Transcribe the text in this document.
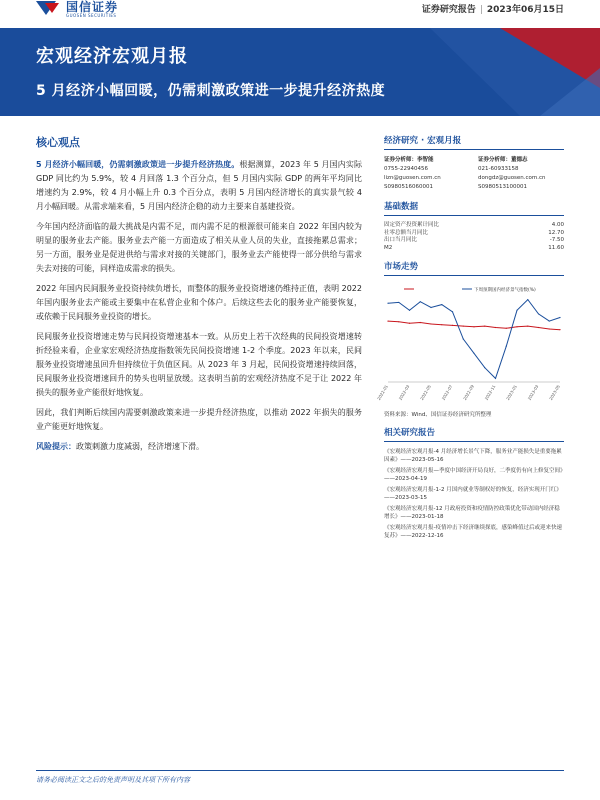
国信证券
GUOSEN SECURITIES	证券研究报告 | 2023年06月15日
宏观经济宏观月报
5 月经济小幅回暖，仍需刺激政策进一步提升经济热度
核心观点

5 月经济小幅回暖，仍需刺激政策进一步提升经济热度。根据测算，2023 年 5 月国内实际 GDP 同比约为 5.9%，较 4 月回落 1.3 个百分点，但 5 月国内实际 GDP 的两年平均同比增速约为 2.9%，较 4 月小幅上升 0.3 个百分点，表明 5 月国内经济增长的真实景气较 4 月小幅回暖。从需求端来看，5 月国内经济企稳的动力主要来自基建投资。

今年国内经济面临的最大挑战是内需不足，而内需不足的根源很可能来自 2022 年国内较为明显的服务业去产能。服务业去产能一方面造成了相关从业人员的失业，直接拖累总需求；另一方面，服务业是促进供给与需求对接的关键部门，服务业去产能使得一部分供给与需求失去对接的可能，同样造成需求的损失。

2022 年国内民间服务业投资持续负增长，而整体的服务业投资增速仍维持正值，表明 2022 年国内服务业去产能或主要集中在私营企业和个体户。后续这些去化的服务业产能要恢复，或依赖于民间服务业投资的增长。

民间服务业投资增速走势与民间投资增速基本一致。从历史上若干次经典的民间投资增速转折经验来看，企业家宏观经济热度指数领先民间投资增速 1-2 个季度。2023 年以来，民间服务业投资增速虽回升但持续位于负值区间。从 2023 年 3 月起，民间投资增速持续回落，民间服务业投资增速回升的势头也明显放缓。这表明当前的宏观经济热度不足于让 2022 年损失的服务业产能很好地恢复。

因此，我们判断后续国内需要刺激政策来进一步提升经济热度，以推动 2022 年损失的服务业产能更好地恢复。

风险提示：政策刺激力度减弱，经济增速下滑。

经济研究 · 宏观月报
证券分析师：李智能
0755-22940456
lizn@guosen.com.cn
S0980516060001
证券分析师：董德志
021-60933158
dongdz@guosen.com.cn
S0980513100001
基础数据
固定资产投资累计同比	4.00
社零总额当月同比	12.70
出口当月同比	-7.50
M2	11.60
市场走势
2022-01 2022-03 2022-05 2022-07 2022-09 2022-11 2023-01 2023-03 2023-05
下周预期国内经济景气指数(%)
资料来源：Wind、国信证券经济研究所整理
相关研究报告
《宏观经济宏观月报-4 月经济增长景气下降，服务业产能损失是重要拖累因素》——2023-05-16
《宏观经济宏观月报—季度中国经济开局良好，二季度仍有向上修复空间》——2023-04-19
《宏观经济宏观月报-1-2 月国内就业等制权好的恢复，经济实现开门红》——2023-03-15
《宏观经济宏观月报-12 月政府投资和疫情防控政策优化带动国内经济稳增长》——2023-01-18
《宏观经济宏观月报-疫情冲击下经济继续探底，感染峰值过后或迎来快速复苏》——2022-12-16
请务必阅读正文之后的免责声明及其项下所有内容
